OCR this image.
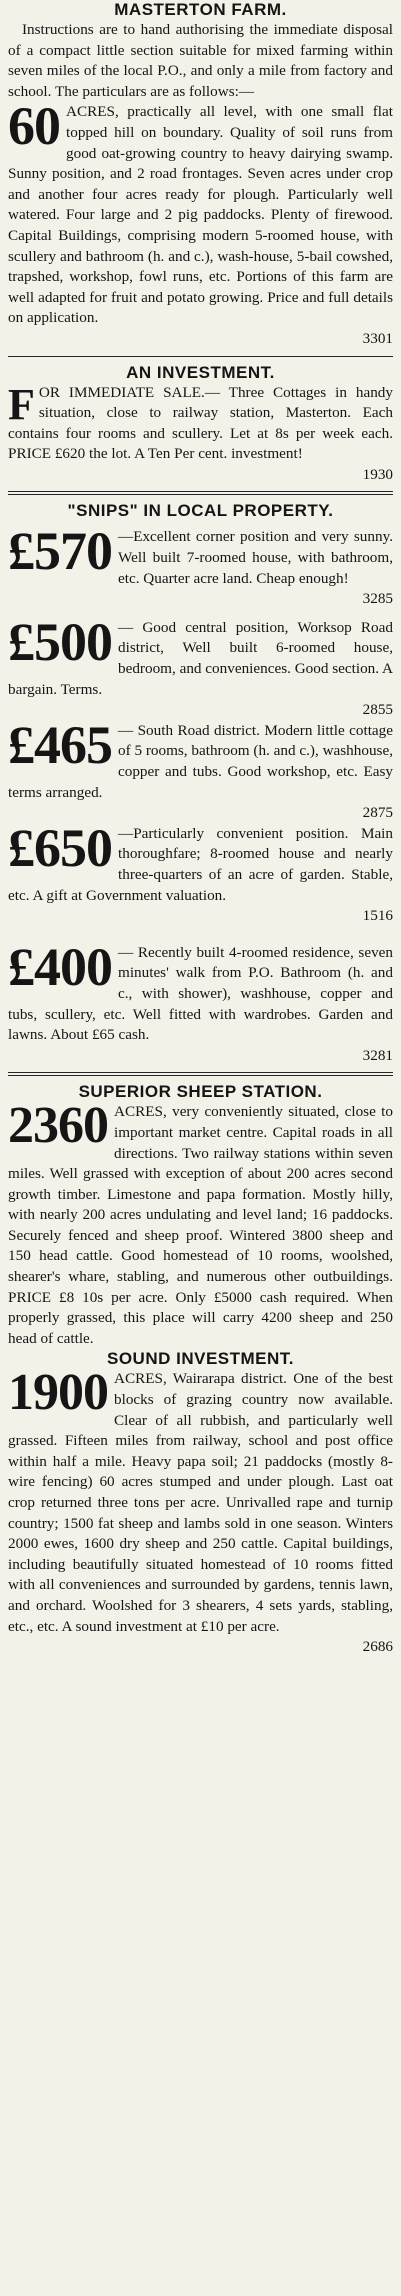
MASTERTON FARM.
Instructions are to hand authorising the immediate disposal of a compact little section suitable for mixed farming within seven miles of the local P.O., and only a mile from factory and school. The particulars are as follows:—
60 ACRES, practically all level, with one small flat topped hill on boundary. Quality of soil runs from good oat-growing country to heavy dairying swamp. Sunny position, and 2 road frontages. Seven acres under crop and another four acres ready for plough. Particularly well watered. Four large and 2 pig paddocks. Plenty of firewood. Capital Buildings, comprising modern 5-roomed house, with scullery and bathroom (h. and c.), wash-house, 5-bail cowshed, trapshed, workshop, fowl runs, etc. Portions of this farm are well adapted for fruit and potato growing. Price and full details on application.
3301
AN INVESTMENT.
F OR IMMEDIATE SALE.— Three Cottages in handy situation, close to railway station, Masterton. Each contains four rooms and scullery. Let at 8s per week each. PRICE £620 the lot. A Ten Per cent. investment!
1930
"SNIPS" IN LOCAL PROPERTY.
£570 —Excellent corner position and very sunny. Well built 7-roomed house, with bathroom, etc. Quarter acre land. Cheap enough!
3285
£500 — Good central position, Worksop Road district, Well built 6-roomed house, bedroom, and conveniences. Good section. A bargain. Terms.
2855
£465 — South Road district. Modern little cottage of 5 rooms, bathroom (h. and c.), washhouse, copper and tubs. Good workshop, etc. Easy terms arranged.
2875
£650 —Particularly convenient position. Main thoroughfare; 8-roomed house and nearly three-quarters of an acre of garden. Stable, etc. A gift at Government valuation.
1516
£400 — Recently built 4-roomed residence, seven minutes' walk from P.O. Bathroom (h. and c., with shower), washhouse, copper and tubs, scullery, etc. Well fitted with wardrobes. Garden and lawns. About £65 cash.
3281
SUPERIOR SHEEP STATION.
2360 ACRES, very conveniently situated, close to important market centre. Capital roads in all directions. Two railway stations within seven miles. Well grassed with exception of about 200 acres second growth timber. Limestone and papa formation. Mostly hilly, with nearly 200 acres undulating and level land; 16 paddocks. Securely fenced and sheep proof. Wintered 3800 sheep and 150 head cattle. Good homestead of 10 rooms, woolshed, shearer's whare, stabling, and numerous other outbuildings. PRICE £8 10s per acre. Only £5000 cash required. When properly grassed, this place will carry 4200 sheep and 250 head of cattle.
SOUND INVESTMENT.
1900 ACRES, Wairarapa district. One of the best blocks of grazing country now available. Clear of all rubbish, and particularly well grassed. Fifteen miles from railway, school and post office within half a mile. Heavy papa soil; 21 paddocks (mostly 8-wire fencing) 60 acres stumped and under plough. Last oat crop returned three tons per acre. Unrivalled rape and turnip country; 1500 fat sheep and lambs sold in one season. Winters 2000 ewes, 1600 dry sheep and 250 cattle. Capital buildings, including beautifully situated homestead of 10 rooms fitted with all conveniences and surrounded by gardens, tennis lawn, and orchard. Woolshed for 3 shearers, 4 sets yards, stabling, etc., etc. A sound investment at £10 per acre.
2686
